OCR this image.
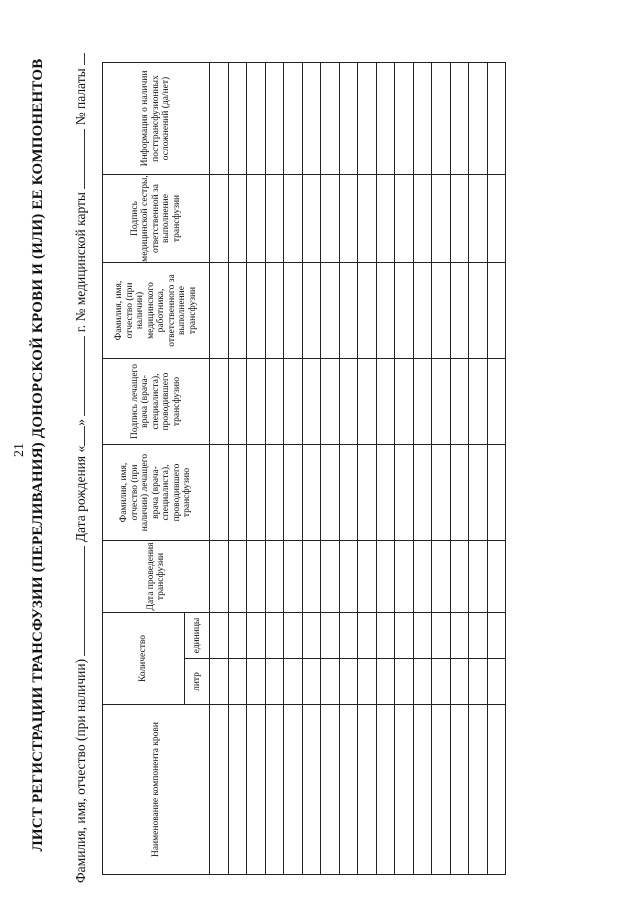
21 ЛИСТ РЕГИСТРАЦИИ ТРАНСФУЗИИ (ПЕРЕЛИВАНИЯ) ДОНОРСКОЙ КРОВИ И (ИЛИ) ЕЕ КОМПОНЕНТОВ Фамилия, имя, отчество (при наличии)  Дата рождения «»  г. № медицинской карты  № палаты
Наименование компонента крови	Количество		Дата проведения трансфузии	Фамилия, имя, отчество (при наличии) лечащего врача (врача-специалиста), проводившего трансфузию	Подпись лечащего врача (врача-специалиста), проводившего трансфузию	Фамилия, имя, отчество (при наличии) медицинского работника, ответственного за выполнение трансфузии	Подпись медицинской сестры, ответственной за выполнение трансфузии	Информация о наличии посттрансфузионных осложнений (да/нет)
	литр	единицы						
